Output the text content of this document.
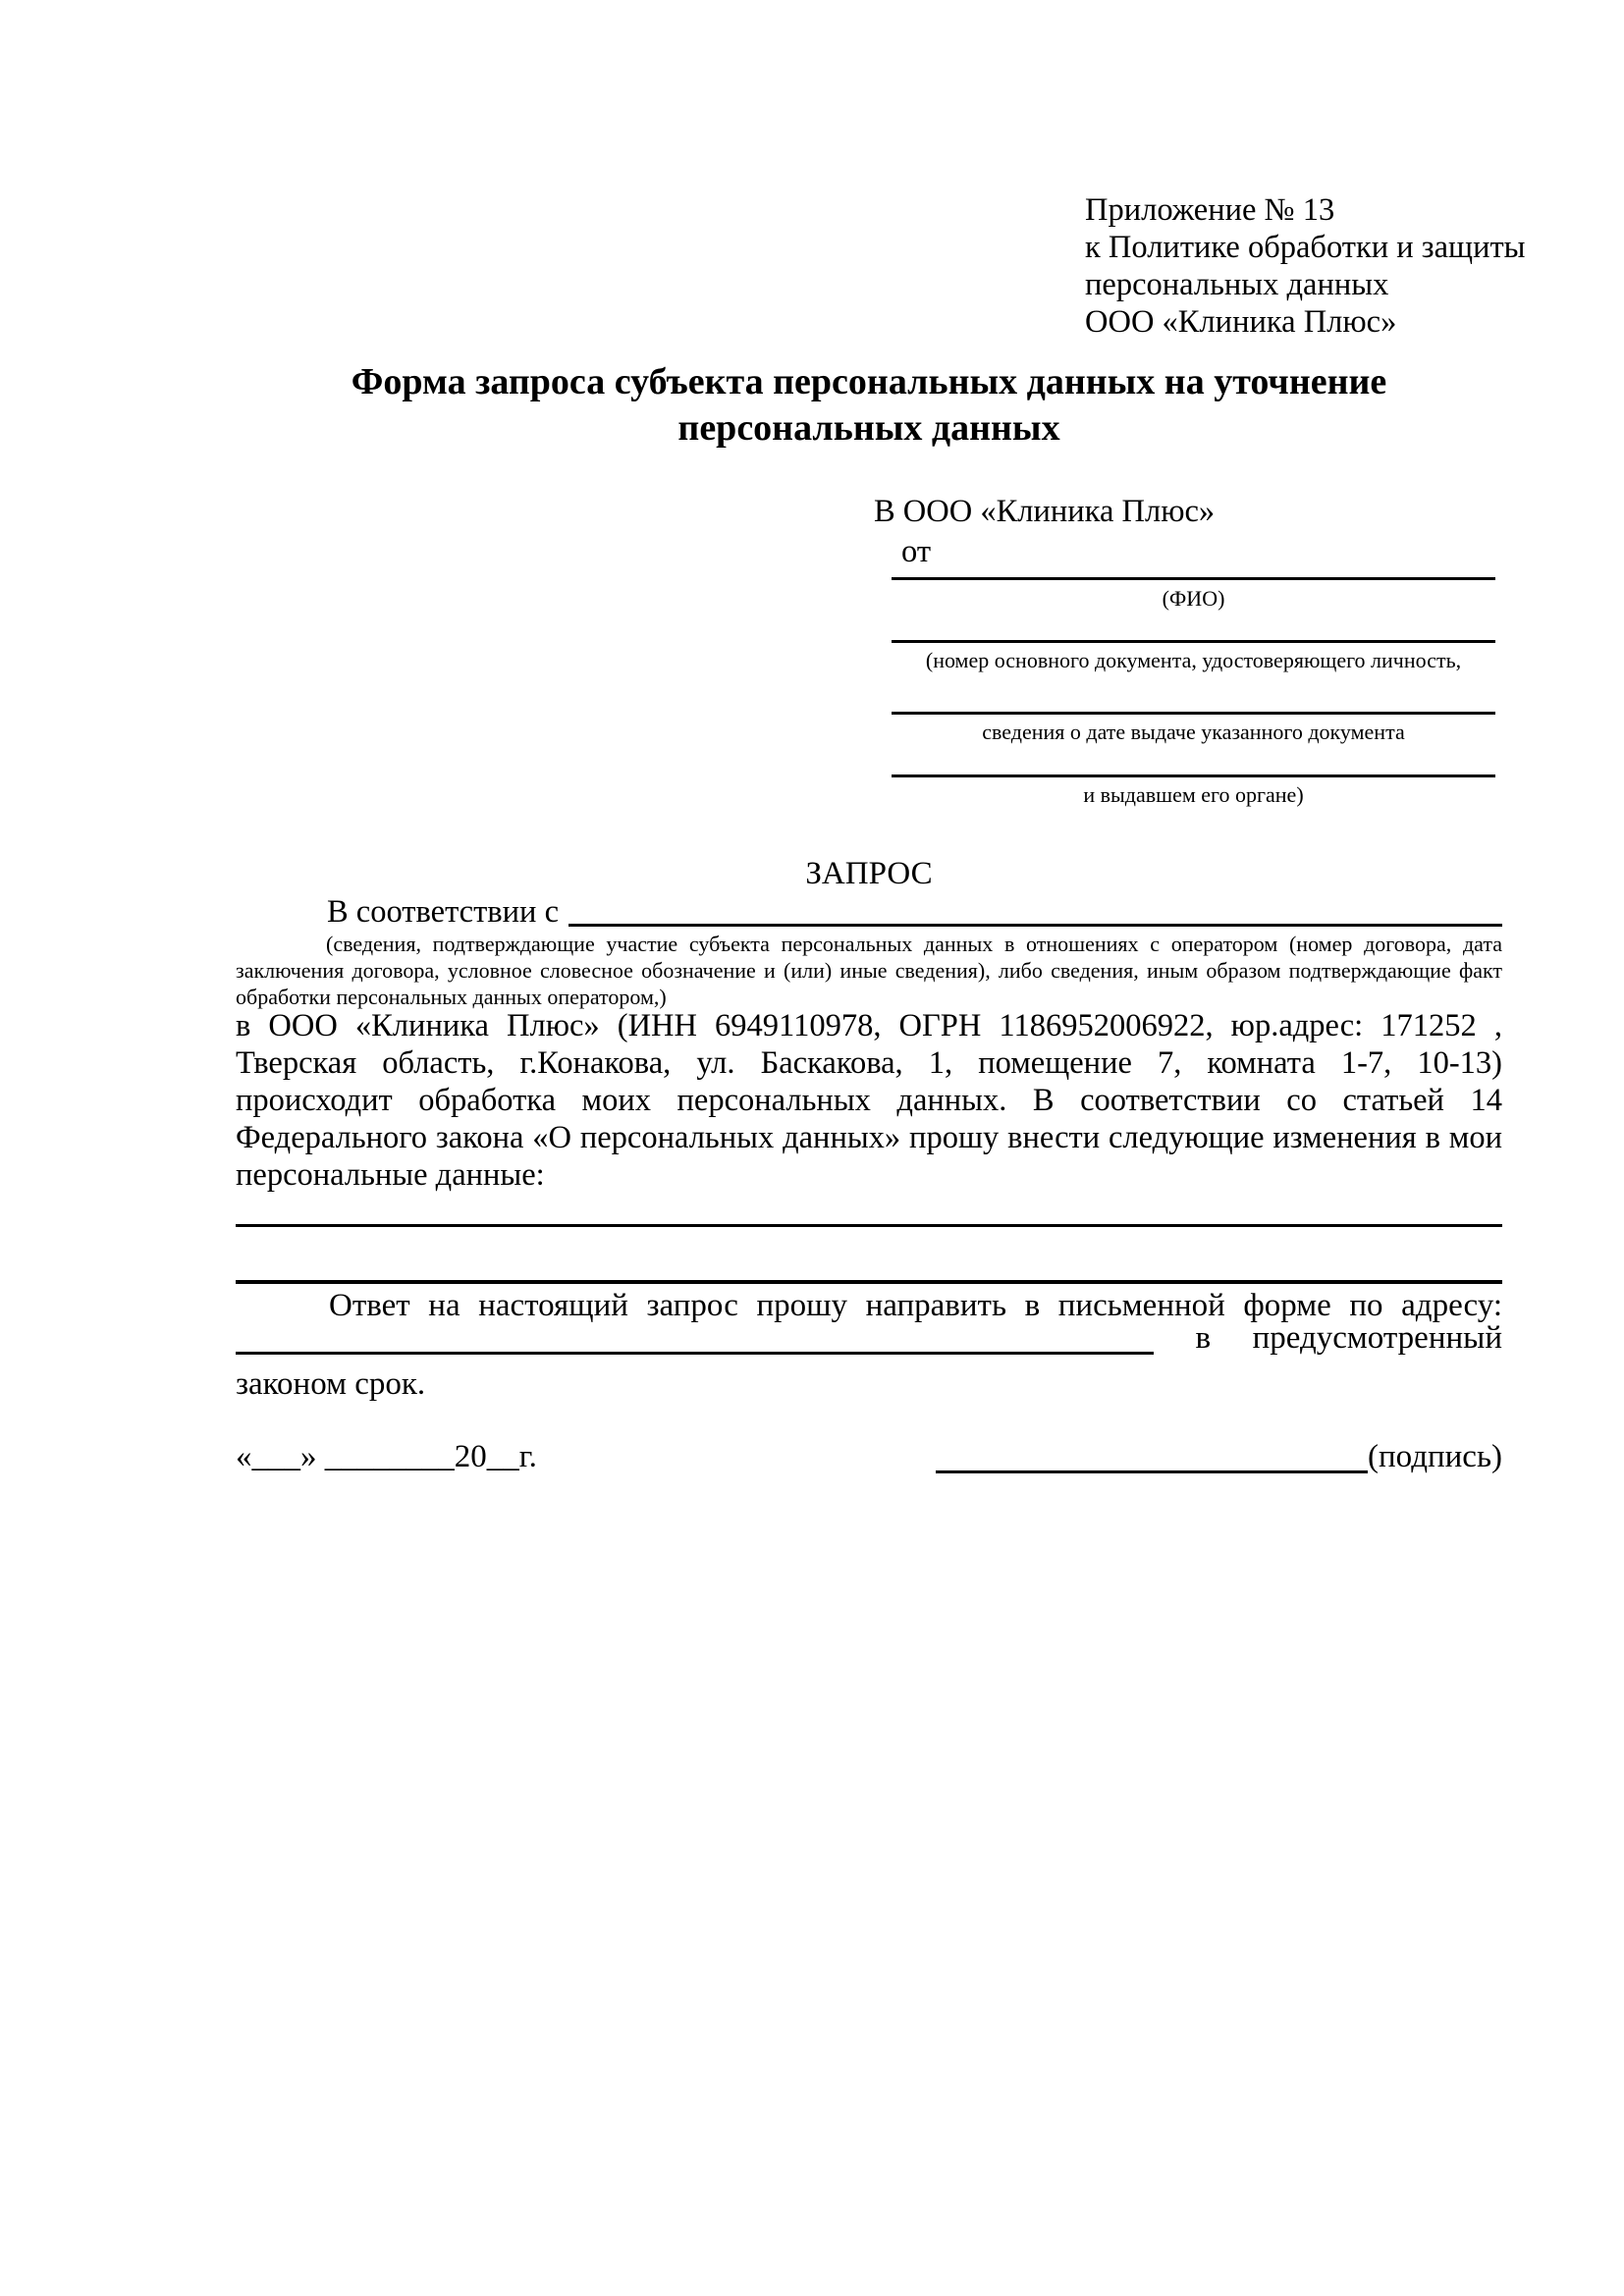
Приложение № 13
к Политике обработки и защиты
персональных данных
ООО «Клиника Плюс»
Форма запроса субъекта персональных данных на уточнение
персональных данных
В ООО «Клиника Плюс»
от
(ФИО)
(номер основного документа, удостоверяющего личность,
сведения о дате выдаче указанного документа
и выдавшем его органе)
ЗАПРОС
В соответствии с
(сведения, подтверждающие участие субъекта персональных данных в отношениях с оператором (номер договора, дата
заключения договора, условное словесное обозначение и (или) иные сведения), либо сведения, иным образом подтверждающие факт
обработки персональных данных оператором,)
в ООО «Клиника Плюс» (ИНН 6949110978, ОГРН 1186952006922, юр.адрес: 171252 ,
Тверская область, г.Конакова, ул. Баскакова, 1, помещение 7, комната 1-7, 10-13)
происходит обработка моих персональных данных. В соответствии со статьей 14
Федерального закона «О персональных данных» прошу внести следующие изменения в мои
персональные данные:
Ответ на настоящий запрос прошу направить в письменной форме по адресу:
в предусмотренный
законом срок.
«___» ________20__г.	(подпись)
